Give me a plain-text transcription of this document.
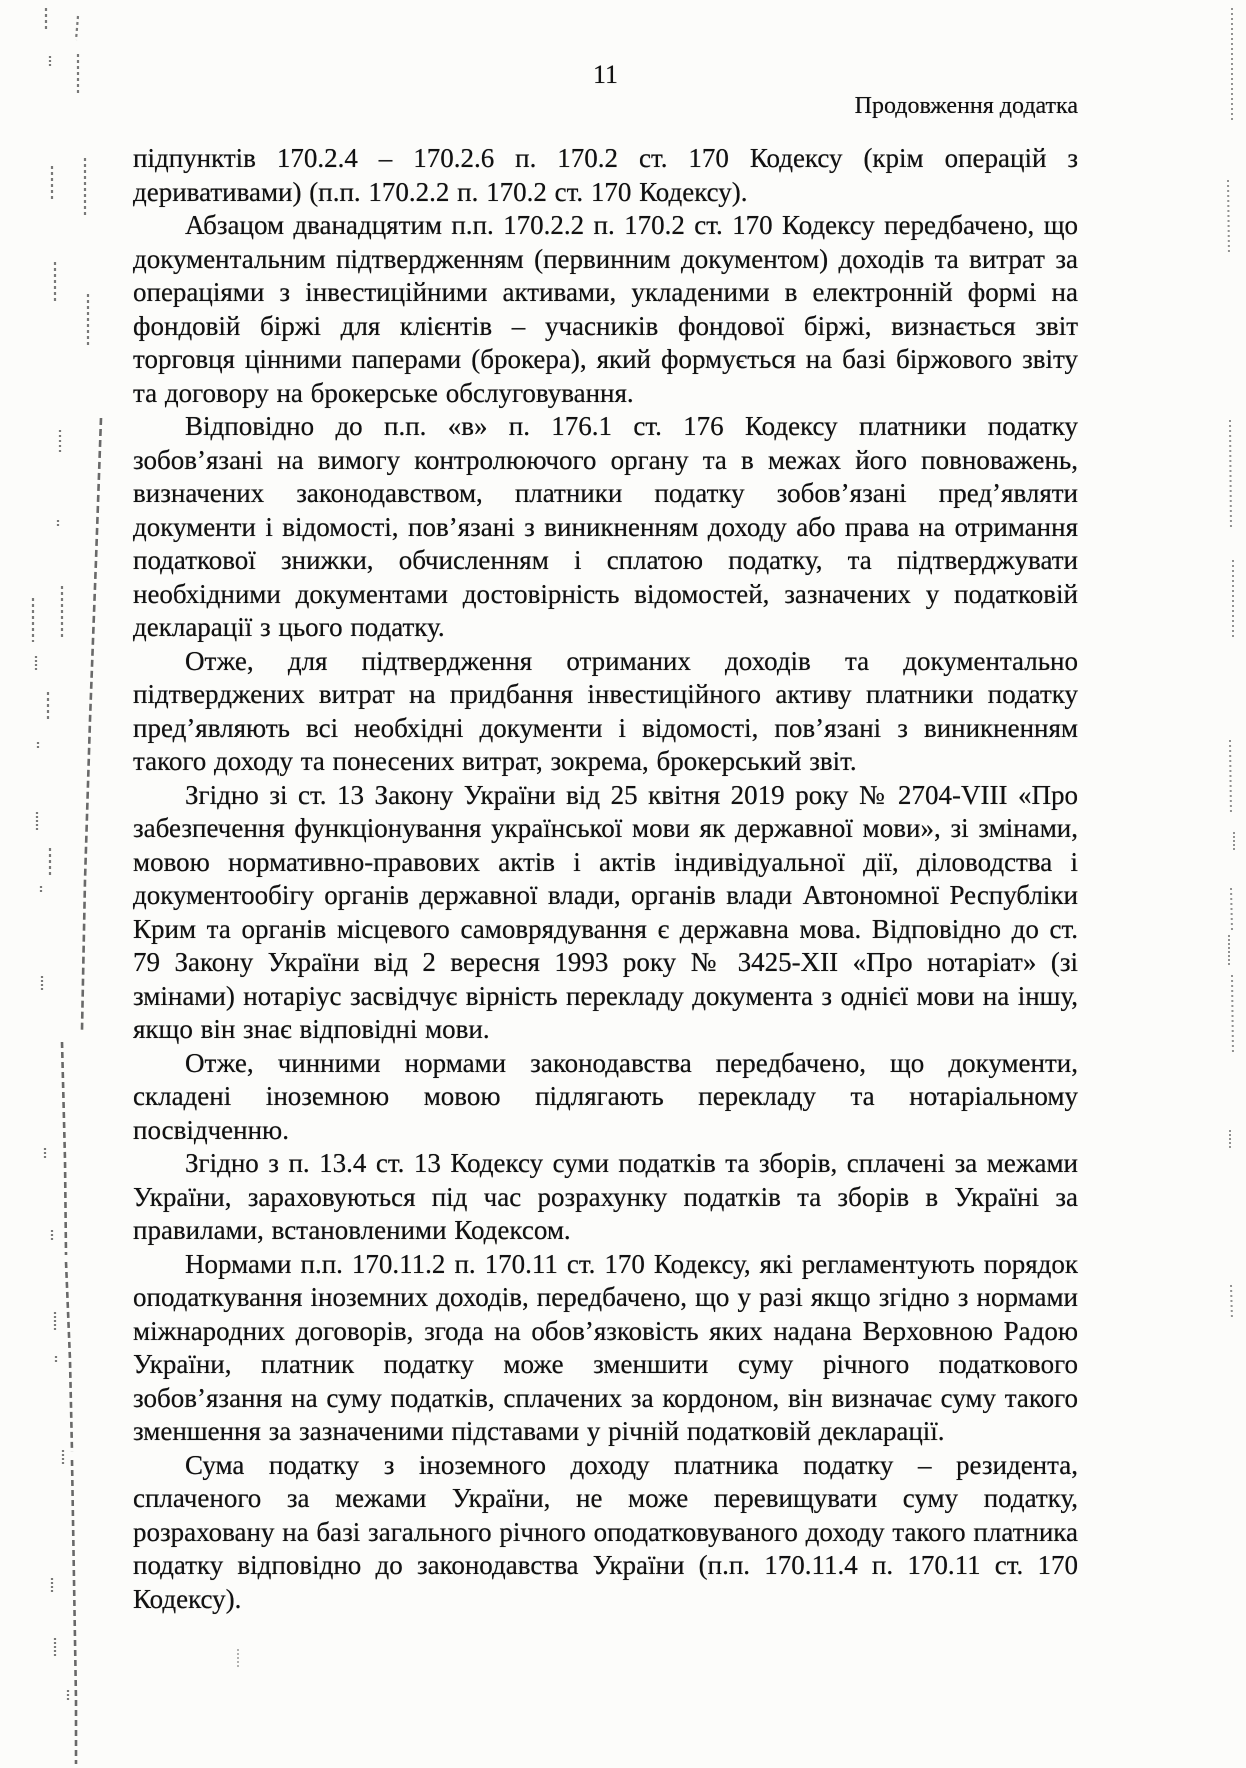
11
Продовження додатка

підпунктів 170.2.4 – 170.2.6 п. 170.2 ст. 170 Кодексу (крім операцій з деривативами) (п.п. 170.2.2 п. 170.2 ст. 170 Кодексу).

Абзацом дванадцятим п.п. 170.2.2 п. 170.2 ст. 170 Кодексу передбачено, що документальним підтвердженням (первинним документом) доходів та витрат за операціями з інвестиційними активами, укладеними в електронній формі на фондовій біржі для клієнтів – учасників фондової біржі, визнається звіт торговця цінними паперами (брокера), який формується на базі біржового звіту та договору на брокерське обслуговування.

Відповідно до п.п. «в» п. 176.1 ст. 176 Кодексу платники податку зобов’язані на вимогу контролюючого органу та в межах його повноважень, визначених законодавством, платники податку зобов’язані пред’являти документи і відомості, пов’язані з виникненням доходу або права на отримання податкової знижки, обчисленням і сплатою податку, та підтверджувати необхідними документами достовірність відомостей, зазначених у податковій декларації з цього податку.

Отже, для підтвердження отриманих доходів та документально підтверджених витрат на придбання інвестиційного активу платники податку пред’являють всі необхідні документи і відомості, пов’язані з виникненням такого доходу та понесених витрат, зокрема, брокерський звіт.

Згідно зі ст. 13 Закону України від 25 квітня 2019 року № 2704-VIII «Про забезпечення функціонування української мови як державної мови», зі змінами, мовою нормативно-правових актів і актів індивідуальної дії, діловодства і документообігу органів державної влади, органів влади Автономної Республіки Крим та органів місцевого самоврядування є державна мова. Відповідно до ст. 79 Закону України від 2 вересня 1993 року № 3425-XII «Про нотаріат» (зі змінами) нотаріус засвідчує вірність перекладу документа з однієї мови на іншу, якщо він знає відповідні мови.

Отже, чинними нормами законодавства передбачено, що документи, складені іноземною мовою підлягають перекладу та нотаріальному посвідченню.

Згідно з п. 13.4 ст. 13 Кодексу суми податків та зборів, сплачені за межами України, зараховуються під час розрахунку податків та зборів в Україні за правилами, встановленими Кодексом.

Нормами п.п. 170.11.2 п. 170.11 ст. 170 Кодексу, які регламентують порядок оподаткування іноземних доходів, передбачено, що у разі якщо згідно з нормами міжнародних договорів, згода на обов’язковість яких надана Верховною Радою України, платник податку може зменшити суму річного податкового зобов’язання на суму податків, сплачених за кордоном, він визначає суму такого зменшення за зазначеними підставами у річній податковій декларації.

Сума податку з іноземного доходу платника податку – резидента, сплаченого за межами України, не може перевищувати суму податку, розраховану на базі загального річного оподатковуваного доходу такого платника податку відповідно до законодавства України (п.п. 170.11.4 п. 170.11 ст. 170 Кодексу).
